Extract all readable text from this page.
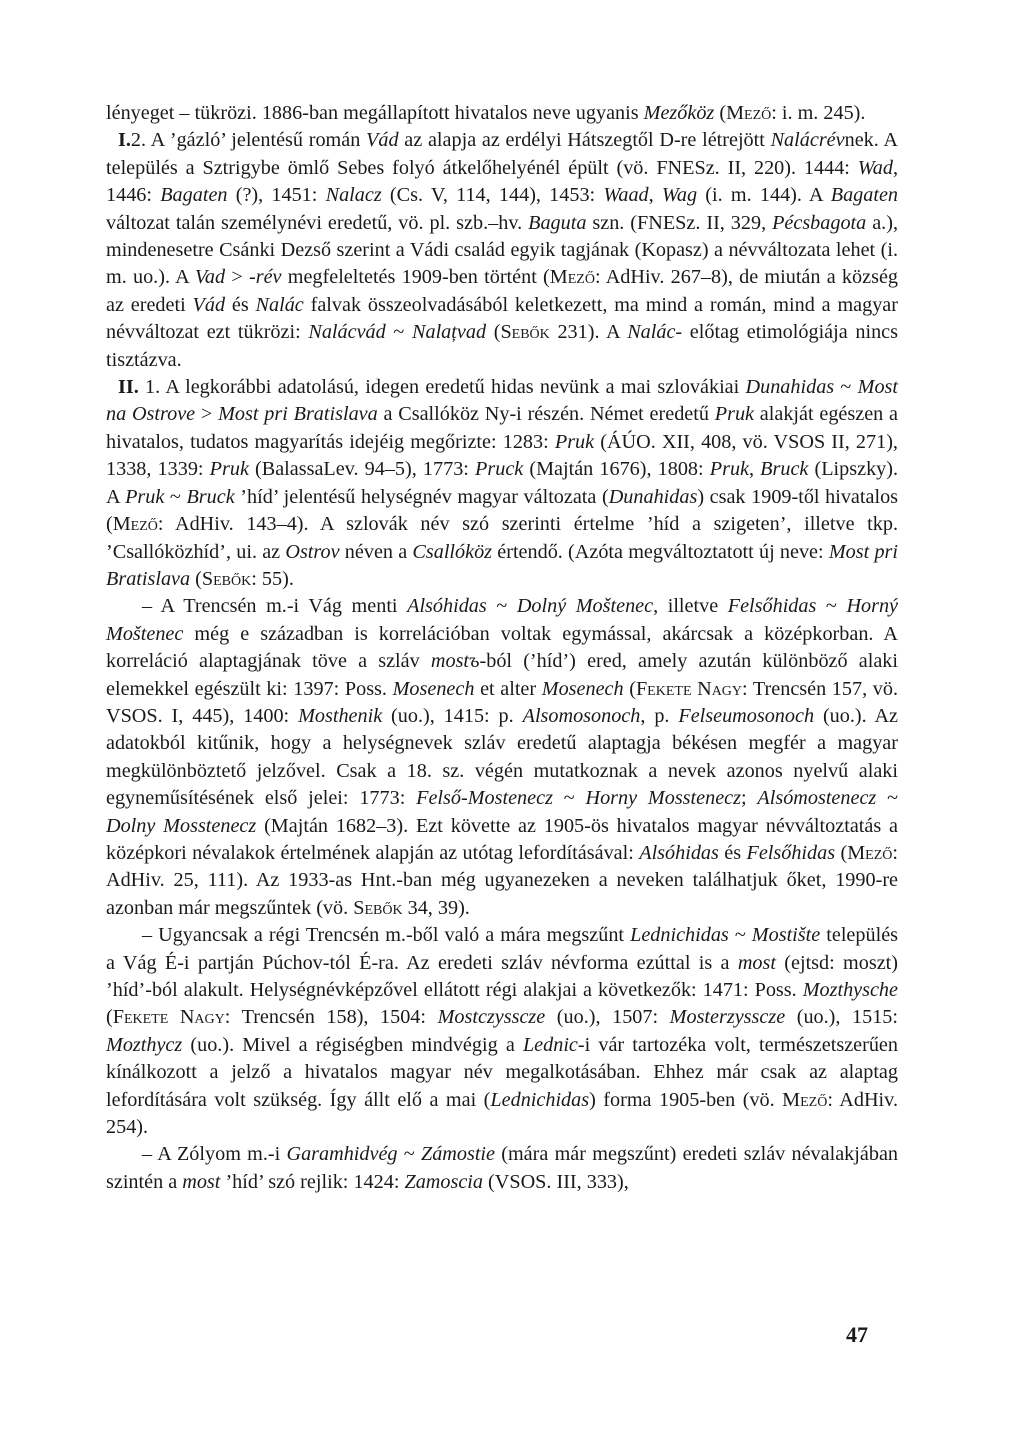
lényeget – tükrözi. 1886-ban megállapított hivatalos neve ugyanis Mezőköz (Mező: i. m. 245).

I.2. A ’gázló’ jelentésű román Vád az alapja az erdélyi Hátszegtől D-re létrejött Nalácrévnek. A település a Sztrigybe ömlő Sebes folyó átkelőhelyénél épült (vö. FNESz. II, 220). 1444: Wad, 1446: Bagaten (?), 1451: Nalacz (Cs. V, 114, 144), 1453: Waad, Wag (i. m. 144). A Bagaten változat talán személynévi eredetű, vö. pl. szb.–hv. Baguta szn. (FNESz. II, 329, Pécsbagota a.), mindenesetre Csánki Dezső szerint a Vádi család egyik tagjának (Kopasz) a névváltozata lehet (i. m. uo.). A Vad > -rév megfeleltetés 1909-ben történt (Mező: AdHiv. 267–8), de miután a község az eredeti Vád és Nalác falvak összeolvadásából keletkezett, ma mind a román, mind a magyar névváltozat ezt tükrözi: Nalácvád ~ Nalațvad (Sebők 231). A Nalác- előtag etimológiája nincs tisztázva.

II. 1. A legkorábbi adatolású, idegen eredetű hidas nevünk a mai szlovákiai Dunahidas ~ Most na Ostrove > Most pri Bratislava a Csallóköz Ny-i részén. Német eredetű Pruk alakját egészen a hivatalos, tudatos magyarítás idejéig megőrizte: 1283: Pruk (ÁÚO. XII, 408, vö. VSOS II, 271), 1338, 1339: Pruk (BalassaLev. 94–5), 1773: Pruck (Majtán 1676), 1808: Pruk, Bruck (Lipszky). A Pruk ~ Bruck ’híd’ jelentésű helységnév magyar változata (Dunahidas) csak 1909-től hivatalos (Mező: AdHiv. 143–4). A szlovák név szó szerinti értelme ’híd a szigeten’, illetve tkp. ’Csallóközhíd’, ui. az Ostrov néven a Csallóköz értendő. (Azóta megváltoztatott új neve: Most pri Bratislava (Sebők: 55).

– A Trencsén m.-i Vág menti Alsóhidas ~ Dolný Moštenec, illetve Felsőhidas ~ Horný Moštenec még e században is korrelációban voltak egymással, akárcsak a középkorban. A korreláció alaptagjának töve a szláv mostъ-ból (’híd’) ered, amely azután különböző alaki elemekkel egészült ki: 1397: Poss. Mosenech et alter Mosenech (Fekete Nagy: Trencsén 157, vö. VSOS. I, 445), 1400: Mosthenik (uo.), 1415: p. Alsomosonoch, p. Felseumosonoch (uo.). Az adatokból kitűnik, hogy a helységnevek szláv eredetű alaptagja békésen megfér a magyar megkülönböztető jelzővel. Csak a 18. sz. végén mutatkoznak a nevek azonos nyelvű alaki egyneműsítésének első jelei: 1773: Felső-Mostenecz ~ Horny Mosstenecz; Alsómostenecz ~ Dolny Mosstenecz (Majtán 1682–3). Ezt követte az 1905-ös hivatalos magyar névváltoztatás a középkori névalakok értelmének alapján az utótag lefordításával: Alsóhidas és Felsőhidas (Mező: AdHiv. 25, 111). Az 1933-as Hnt.-ban még ugyanezeken a neveken találhatjuk őket, 1990-re azonban már megszűntek (vö. Sebők 34, 39).

– Ugyancsak a régi Trencsén m.-ből való a mára megszűnt Lednichidas ~ Mostište település a Vág É-i partján Púchov-tól É-ra. Az eredeti szláv névforma ezúttal is a most (ejtsd: moszt) ’híd’-ból alakult. Helységnévképzővel ellátott régi alakjai a következők: 1471: Poss. Mozthysche (Fekete Nagy: Trencsén 158), 1504: Mostczysscze (uo.), 1507: Mosterzysscze (uo.), 1515: Mozthycz (uo.). Mivel a régiségben mindvégig a Lednic-i vár tartozéka volt, természetszerűen kínálkozott a jelző a hivatalos magyar név megalkotásában. Ehhez már csak az alaptag lefordítására volt szükség. Így állt elő a mai (Lednichidas) forma 1905-ben (vö. Mező: AdHiv. 254).

– A Zólyom m.-i Garamhidvég ~ Zámostie (mára már megszűnt) eredeti szláv névalakjában szintén a most ’híd’ szó rejlik: 1424: Zamoscia (VSOS. III, 333),

47
